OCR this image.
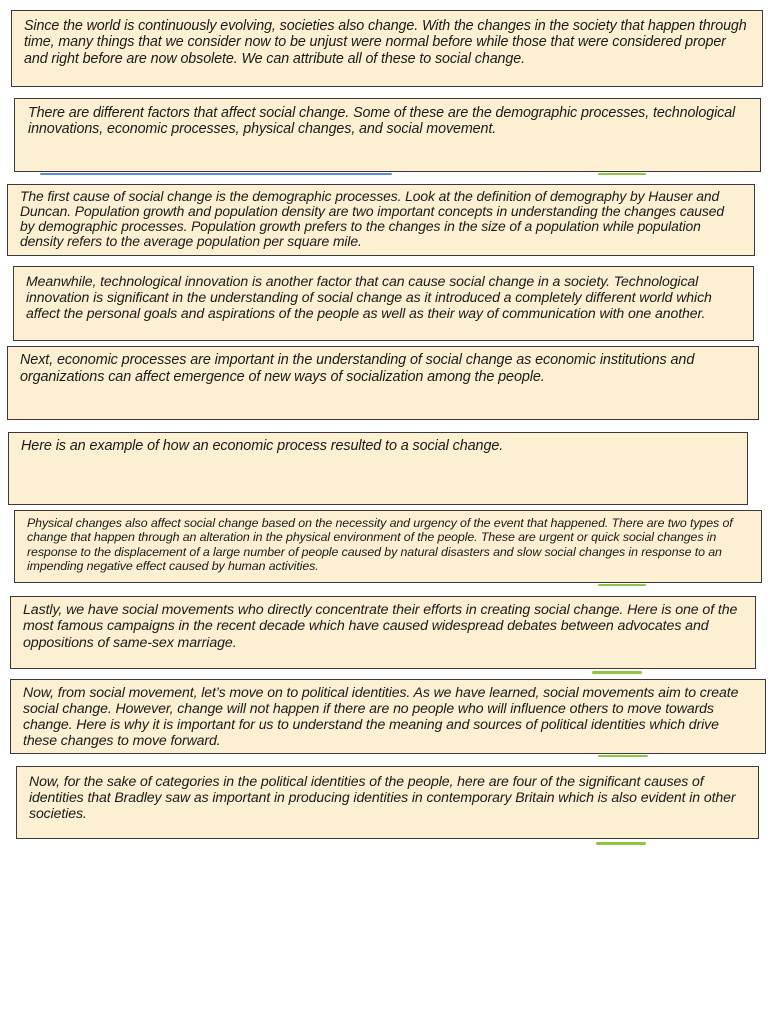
Since the world is continuously evolving, societies also change. With the changes in the society that happen through time, many things that we consider now to be unjust were normal before while those that were considered proper and right before are now obsolete. We can attribute all of these to social change.

There are different factors that affect social change. Some of these are the demographic processes, technological innovations, economic processes, physical changes, and social movement.

The first cause of social change is the demographic processes. Look at the definition of demography by Hauser and Duncan. Population growth and population density are two important concepts in understanding the changes caused by demographic processes. Population growth prefers to the changes in the size of a population while population density refers to the average population per square mile.

Meanwhile, technological innovation is another factor that can cause social change in a society. Technological innovation is significant in the understanding of social change as it introduced a completely different world which affect the personal goals and aspirations of the people as well as their way of communication with one another.

Next, economic processes are important in the understanding of social change as economic institutions and organizations can affect emergence of new ways of socialization among the people.

Here is an example of how an economic process resulted to a social change.

Physical changes also affect social change based on the necessity and urgency of the event that happened. There are two types of change that happen through an alteration in the physical environment of the people. These are urgent or quick social changes in response to the displacement of a large number of people caused by natural disasters and slow social changes in response to an impending negative effect caused by human activities.

Lastly, we have social movements who directly concentrate their efforts in creating social change. Here is one of the most famous campaigns in the recent decade which have caused widespread debates between advocates and oppositions of same-sex marriage.

Now, from social movement, let’s move on to political identities. As we have learned, social movements aim to create social change. However, change will not happen if there are no people who will influence others to move towards change. Here is why it is important for us to understand the meaning and sources of political identities which drive these changes to move forward.

Now, for the sake of categories in the political identities of the people, here are four of the significant causes of identities that Bradley saw as important in producing identities in contemporary Britain which is also evident in other societies.
